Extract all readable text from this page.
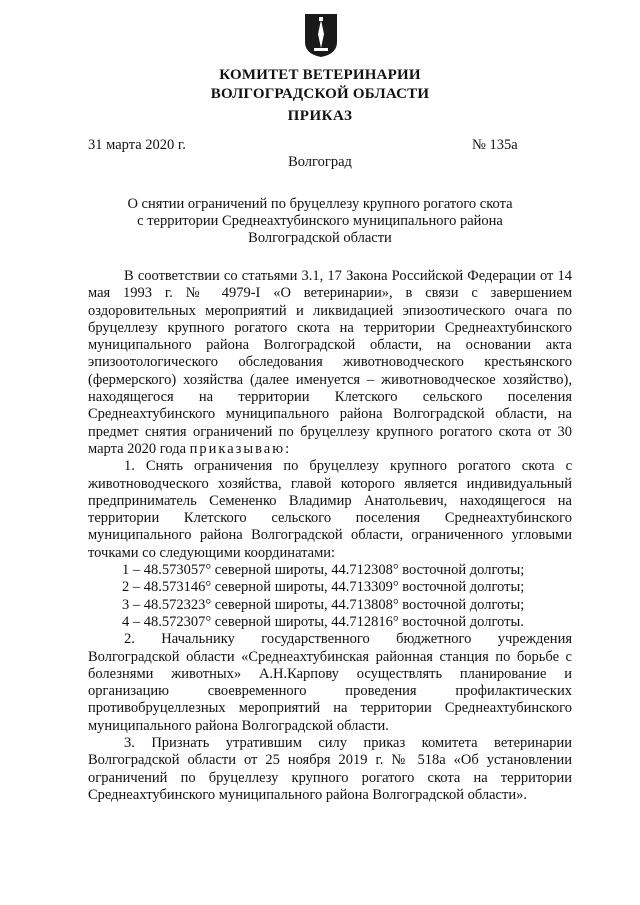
КОМИТЕТ ВЕТЕРИНАРИИ
ВОЛГОГРАДСКОЙ ОБЛАСТИ
ПРИКАЗ
31 марта 2020 г.	№ 135а
Волгоград
О снятии ограничений по бруцеллезу крупного рогатого скота
с территории Среднеахтубинского муниципального района
Волгоградской области

В соответствии со статьями 3.1, 17 Закона Российской Федерации от 14 мая 1993 г. № 4979-I «О ветеринарии», в связи с завершением оздоровительных мероприятий и ликвидацией эпизоотического очага по бруцеллезу крупного рогатого скота на территории Среднеахтубинского муниципального района Волгоградской области, на основании акта эпизоотологического обследования животноводческого крестьянского (фермерского) хозяйства (далее именуется – животноводческое хозяйство), находящегося на территории Клетского сельского поселения Среднеахтубинского муниципального района Волгоградской области, на предмет снятия ограничений по бруцеллезу крупного рогатого скота от 30 марта 2020 года приказываю:

1. Снять ограничения по бруцеллезу крупного рогатого скота с животноводческого хозяйства, главой которого является индивидуальный предприниматель Семененко Владимир Анатольевич, находящегося на территории Клетского сельского поселения Среднеахтубинского муниципального района Волгоградской области, ограниченного угловыми точками со следующими координатами:

1 – 48.573057° северной широты, 44.712308° восточной долготы;
2 – 48.573146° северной широты, 44.713309° восточной долготы;
3 – 48.572323° северной широты, 44.713808° восточной долготы;
4 – 48.572307° северной широты, 44.712816° восточной долготы.

2. Начальнику государственного бюджетного учреждения Волгоградской области «Среднеахтубинская районная станция по борьбе с болезнями животных» А.Н.Карпову осуществлять планирование и организацию своевременного проведения профилактических противобруцеллезных мероприятий на территории Среднеахтубинского муниципального района Волгоградской области.

3. Признать утратившим силу приказ комитета ветеринарии Волгоградской области от 25 ноября 2019 г. № 518а «Об установлении ограничений по бруцеллезу крупного рогатого скота на территории Среднеахтубинского муниципального района Волгоградской области».
